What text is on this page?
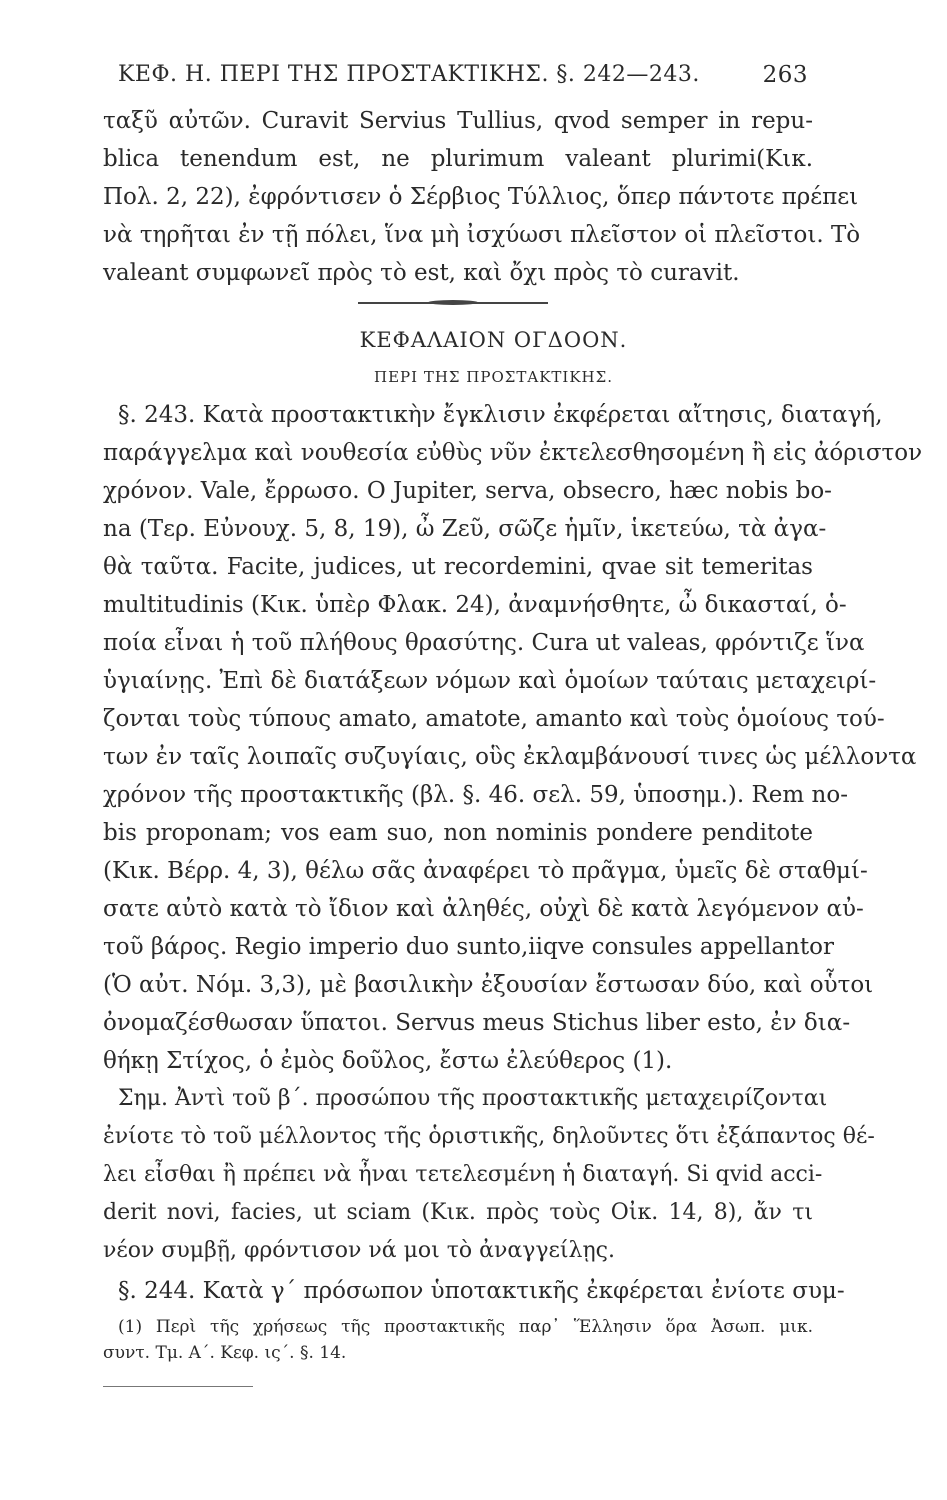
ΚΕΦ. Η. ΠΕΡΙ ΤΗΣ ΠΡΟΣΤΑΚΤΙΚΗΣ. §. 242—243.	263
ταξῦ αὐτῶν. Curavit Servius Tullius, qvod semper in repu-
blica tenendum est, ne plurimum valeant plurimi(Κικ.
Πολ. 2, 22), ἐφρόντισεν ὁ Σέρβιος Τύλλιος, ὅπερ πάντοτε πρέπει
νὰ τηρῆται ἐν τῇ πόλει, ἵνα μὴ ἰσχύωσι πλεῖστον οἱ πλεῖστοι. Τὸ
valeant συμφωνεῖ πρὸς τὸ est, καὶ ὄχι πρὸς τὸ curavit.
ΚΕΦΑΛΑΙΟΝ ΟΓΔΟΟΝ.
ΠΕΡΙ ΤΗΣ ΠΡΟΣΤΑΚΤΙΚΗΣ.
§. 243. Κατὰ προστακτικὴν ἔγκλισιν ἐκφέρεται αἴτησις, διαταγή,
παράγγελμα καὶ νουθεσία εὐθὺς νῦν ἐκτελεσθησομένη ἢ εἰς ἀόριστον
χρόνον. Vale, ἔρρωσο. O Jupiter, serva, obsecro, hæc nobis bo-
na (Τερ. Εὐνουχ. 5, 8, 19), ὦ Ζεῦ, σῶζε ἡμῖν, ἱκετεύω, τὰ ἀγα-
θὰ ταῦτα. Facite, judices, ut recordemini, qvae sit temeritas
multitudinis (Κικ. ὑπὲρ Φλακ. 24), ἀναμνήσθητε, ὦ δικασταί, ὁ-
ποία εἶναι ἡ τοῦ πλήθους θρασύτης. Cura ut valeas, φρόντιζε ἵνα
ὑγιαίνῃς. Ἐπὶ δὲ διατάξεων νόμων καὶ ὁμοίων ταύταις μεταχειρί-
ζονται τοὺς τύπους amato, amatote, amanto καὶ τοὺς ὁμοίους τού-
των ἐν ταῖς λοιπαῖς συζυγίαις, οὓς ἐκλαμβάνουσί τινες ὡς μέλλοντα
χρόνον τῆς προστακτικῆς (βλ. §. 46. σελ. 59, ὑποσημ.). Rem no-
bis proponam; vos eam suo, non nominis pondere penditote
(Κικ. Βέρρ. 4, 3), θέλω σᾶς ἀναφέρει τὸ πρᾶγμα, ὑμεῖς δὲ σταθμί-
σατε αὐτὸ κατὰ τὸ ἴδιον καὶ ἀληθές, οὐχὶ δὲ κατὰ λεγόμενον αὐ-
τοῦ βάρος. Regio imperio duo sunto,iiqve consules appellantor
(Ὁ αὐτ. Νόμ. 3,3), μὲ βασιλικὴν ἐξουσίαν ἔστωσαν δύο, καὶ οὗτοι
ὀνομαζέσθωσαν ὕπατοι. Servus meus Stichus liber esto, ἐν δια-
θήκῃ Στίχος, ὁ ἐμὸς δοῦλος, ἔστω ἐλεύθερος (1).
Σημ. Ἀντὶ τοῦ β΄. προσώπου τῆς προστακτικῆς μεταχειρίζονται
ἐνίοτε τὸ τοῦ μέλλοντος τῆς ὁριστικῆς, δηλοῦντες ὅτι ἐξάπαντος θέ-
λει εἶσθαι ἢ πρέπει νὰ ἦναι τετελεσμένη ἡ διαταγή. Si qvid acci-
derit novi, facies, ut sciam (Κικ. πρὸς τοὺς Οἰκ. 14, 8), ἄν τι
νέον συμβῇ, φρόντισον νά μοι τὸ ἀναγγείλῃς.
§. 244. Κατὰ γ΄ πρόσωπον ὑποτακτικῆς ἐκφέρεται ἐνίοτε συμ-
(1) Περὶ τῆς χρήσεως τῆς προστακτικῆς παρ᾽ Ἕλλησιν ὅρα Ἀσωπ. μικ.
συντ. Τμ. Α΄. Κεφ. ις΄. §. 14.
